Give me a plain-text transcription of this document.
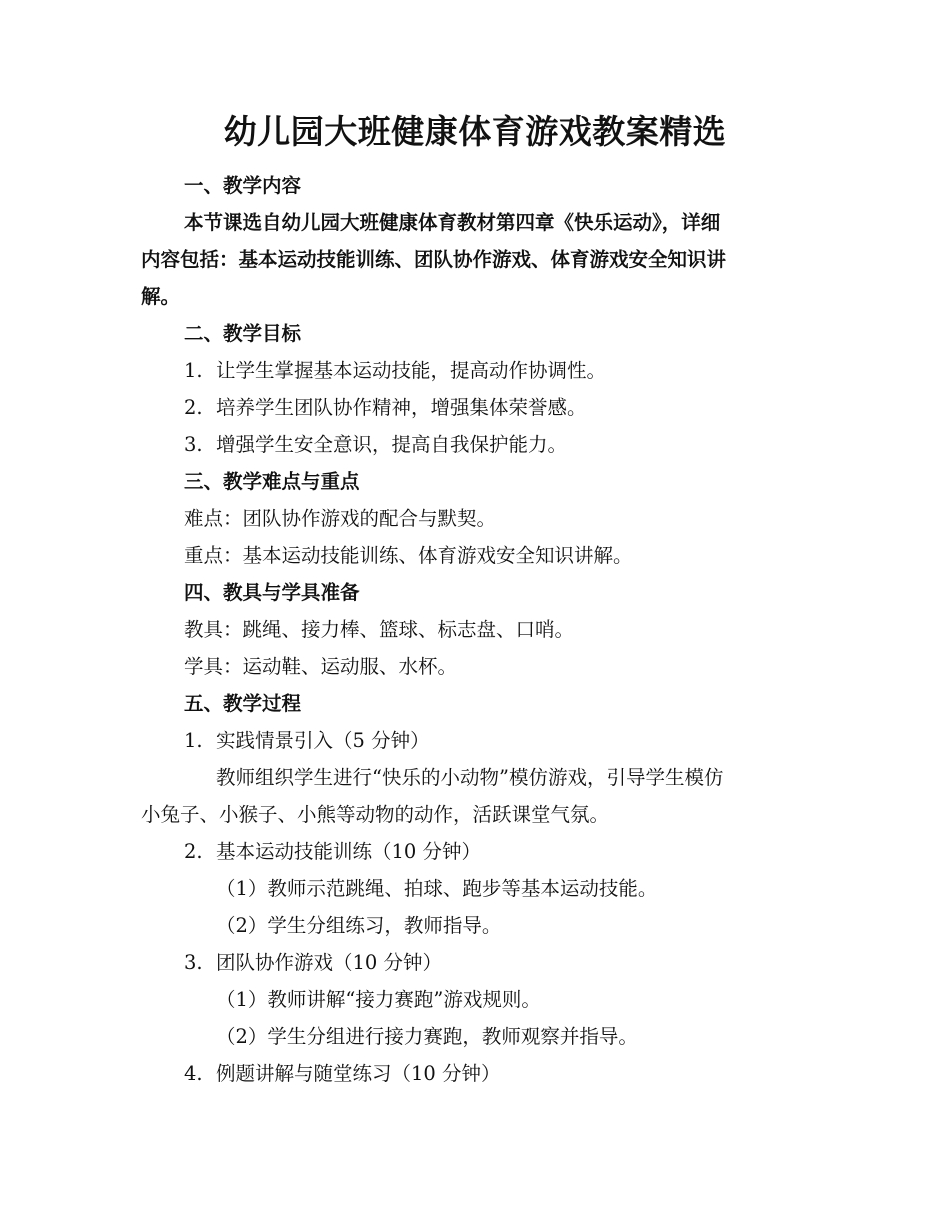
幼儿园大班健康体育游戏教案精选
一、教学内容
本节课选自幼儿园大班健康体育教材第四章《快乐运动》，详细
内容包括：基本运动技能训练、团队协作游戏、体育游戏安全知识讲
解。
二、教学目标
1. 让学生掌握基本运动技能，提高动作协调性。
2. 培养学生团队协作精神，增强集体荣誉感。
3. 增强学生安全意识，提高自我保护能力。
三、教学难点与重点
难点：团队协作游戏的配合与默契。
重点：基本运动技能训练、体育游戏安全知识讲解。
四、教具与学具准备
教具：跳绳、接力棒、篮球、标志盘、口哨。
学具：运动鞋、运动服、水杯。
五、教学过程
1. 实践情景引入（5 分钟）
教师组织学生进行“快乐的小动物”模仿游戏，引导学生模仿
小兔子、小猴子、小熊等动物的动作，活跃课堂气氛。
2. 基本运动技能训练（10 分钟）
（1）教师示范跳绳、拍球、跑步等基本运动技能。
（2）学生分组练习，教师指导。
3. 团队协作游戏（10 分钟）
（1）教师讲解“接力赛跑”游戏规则。
（2）学生分组进行接力赛跑，教师观察并指导。
4. 例题讲解与随堂练习（10 分钟）
